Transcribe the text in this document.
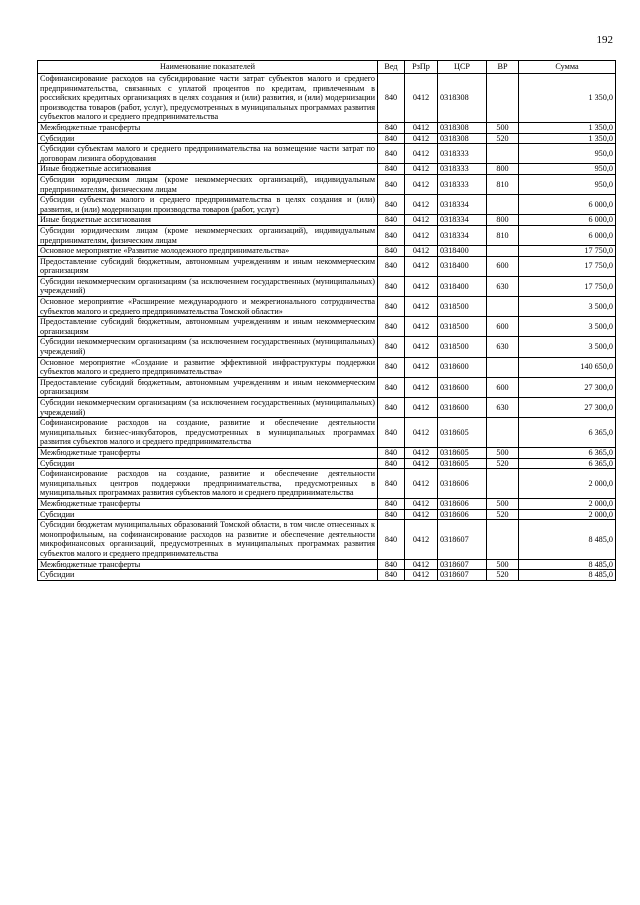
192
Наименование показателей	Вед	РзПр	ЦСР	ВР	Сумма
Софинансирование расходов на субсидирование части затрат субъектов малого и среднего предпринимательства, связанных с уплатой процентов по кредитам, привлеченным в российских кредитных организациях в целях создания и (или) развития, и (или) модернизации производства товаров (работ, услуг), предусмотренных в муниципальных программах развития субъектов малого и среднего предпринимательства	840	0412	0318308		1 350,0
Межбюджетные трансферты	840	0412	0318308	500	1 350,0
Субсидии	840	0412	0318308	520	1 350,0
Субсидии субъектам малого и среднего предпринимательства на возмещение части затрат по договорам лизинга оборудования	840	0412	0318333		950,0
Иные бюджетные ассигнования	840	0412	0318333	800	950,0
Субсидии юридическим лицам (кроме некоммерческих организаций), индивидуальным предпринимателям, физическим лицам	840	0412	0318333	810	950,0
Субсидии субъектам малого и среднего предпринимательства в целях создания и (или) развития, и (или) модернизации производства товаров (работ, услуг)	840	0412	0318334		6 000,0
Иные бюджетные ассигнования	840	0412	0318334	800	6 000,0
Субсидии юридическим лицам (кроме некоммерческих организаций), индивидуальным предпринимателям, физическим лицам	840	0412	0318334	810	6 000,0
Основное мероприятие «Развитие молодежного предпринимательства»	840	0412	0318400		17 750,0
Предоставление субсидий бюджетным, автономным учреждениям и иным некоммерческим организациям	840	0412	0318400	600	17 750,0
Субсидии некоммерческим организациям (за исключением государственных (муниципальных) учреждений)	840	0412	0318400	630	17 750,0
Основное мероприятие «Расширение международного и межрегионального сотрудничества субъектов малого и среднего предпринимательства Томской области»	840	0412	0318500		3 500,0
Предоставление субсидий бюджетным, автономным учреждениям и иным некоммерческим организациям	840	0412	0318500	600	3 500,0
Субсидии некоммерческим организациям (за исключением государственных (муниципальных) учреждений)	840	0412	0318500	630	3 500,0
Основное мероприятие «Создание и развитие эффективной инфраструктуры поддержки субъектов малого и среднего предпринимательства»	840	0412	0318600		140 650,0
Предоставление субсидий бюджетным, автономным учреждениям и иным некоммерческим организациям	840	0412	0318600	600	27 300,0
Субсидии некоммерческим организациям (за исключением государственных (муниципальных) учреждений)	840	0412	0318600	630	27 300,0
Софинансирование расходов на создание, развитие и обеспечение деятельности муниципальных бизнес-инкубаторов, предусмотренных в муниципальных программах развития субъектов малого и среднего предпринимательства	840	0412	0318605		6 365,0
Межбюджетные трансферты	840	0412	0318605	500	6 365,0
Субсидии	840	0412	0318605	520	6 365,0
Софинансирование расходов на создание, развитие и обеспечение деятельности муниципальных центров поддержки предпринимательства, предусмотренных в муниципальных программах развития субъектов малого и среднего предпринимательства	840	0412	0318606		2 000,0
Межбюджетные трансферты	840	0412	0318606	500	2 000,0
Субсидии	840	0412	0318606	520	2 000,0
Субсидии бюджетам муниципальных образований Томской области, в том числе отнесенных к монопрофильным, на софинансирование расходов на развитие и обеспечение деятельности микрофинансовых организаций, предусмотренных в муниципальных программах развития субъектов малого и среднего предпринимательства	840	0412	0318607		8 485,0
Межбюджетные трансферты	840	0412	0318607	500	8 485,0
Субсидии	840	0412	0318607	520	8 485,0
